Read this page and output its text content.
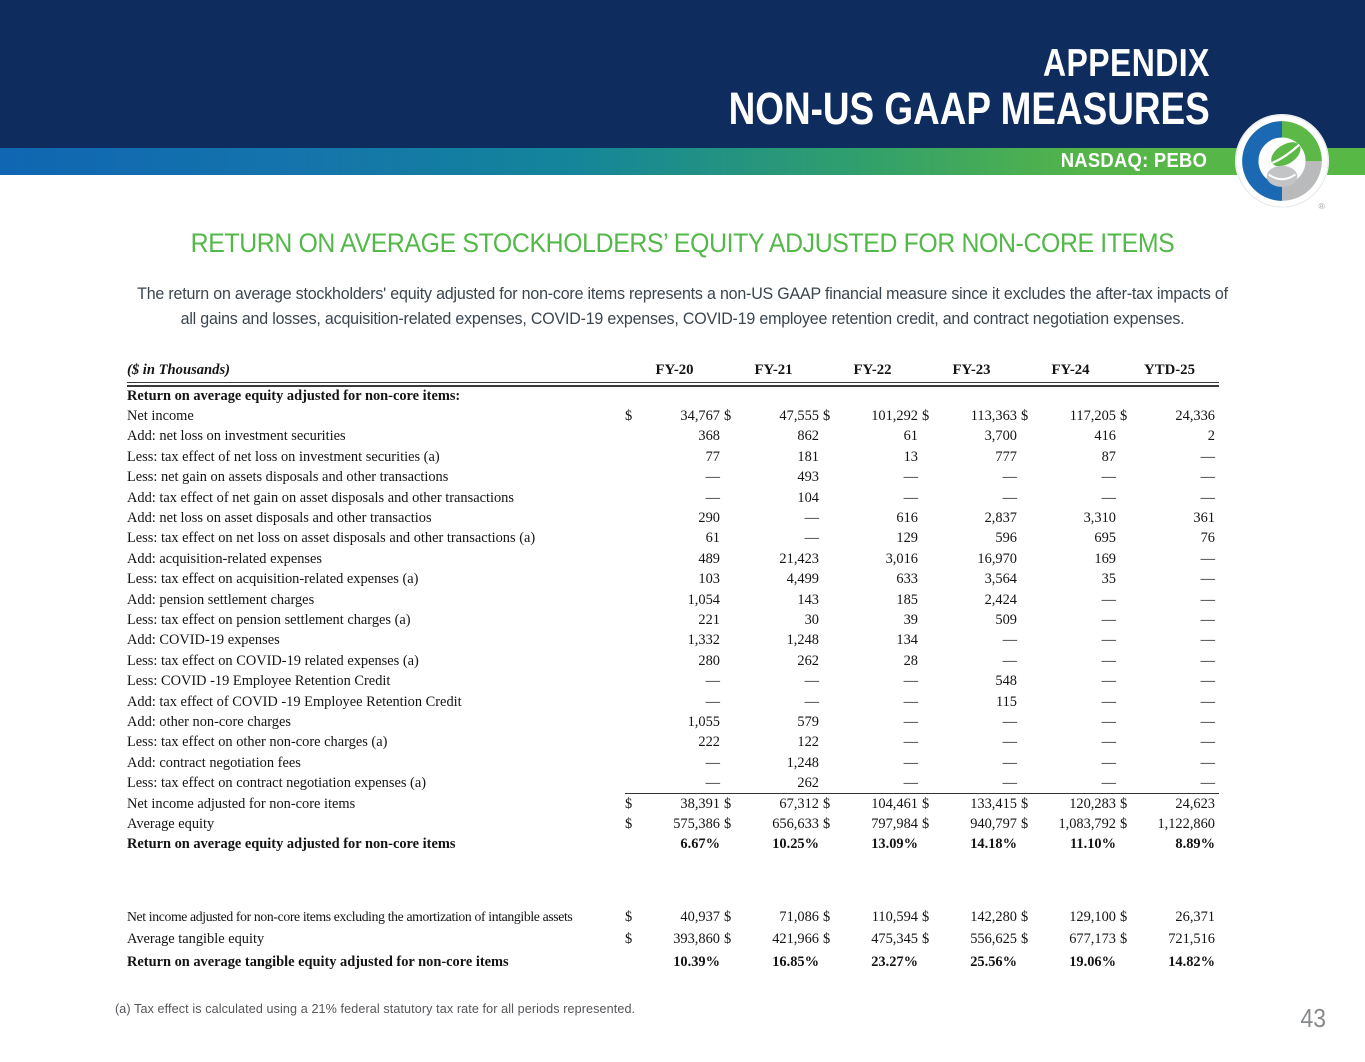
APPENDIX
NON-US GAAP MEASURES
NASDAQ: PEBO
®
RETURN ON AVERAGE STOCKHOLDERS’ EQUITY ADJUSTED FOR NON-CORE ITEMS

The return on average stockholders' equity adjusted for non-core items represents a non-US GAAP financial measure since it excludes the after-tax impacts of
all gains and losses, acquisition-related expenses, COVID-19 expenses, COVID-19 employee retention credit, and contract negotiation expenses.

($ in Thousands)	FY-20		FY-21		FY-22		FY-23		FY-24		YTD-25	

Return on average equity adjusted for non-core items:												
Net income	$	34,767	$	47,555	$	101,292	$	113,363	$	117,205	$	24,336
Add: net loss on investment securities		368		862		61		3,700		416		2
Less: tax effect of net loss on investment securities (a)		77		181		13		777		87		—
Less: net gain on assets disposals and other transactions		—		493		—		—		—		—
Add: tax effect of net gain on asset disposals and other transactions		—		104		—		—		—		—
Add: net loss on asset disposals and other transactios		290		—		616		2,837		3,310		361
Less: tax effect on net loss on asset disposals and other transactions (a)		61		—		129		596		695		76
Add: acquisition-related expenses		489		21,423		3,016		16,970		169		—
Less: tax effect on acquisition-related expenses (a)		103		4,499		633		3,564		35		—
Add: pension settlement charges		1,054		143		185		2,424		—		—
Less: tax effect on pension settlement charges (a)		221		30		39		509		—		—
Add: COVID-19 expenses		1,332		1,248		134		—		—		—
Less: tax effect on COVID-19 related expenses (a)		280		262		28		—		—		—
Less: COVID -19 Employee Retention Credit		—		—		—		548		—		—
Add: tax effect of COVID -19 Employee Retention Credit		—		—		—		115		—		—
Add: other non-core charges		1,055		579		—		—		—		—
Less: tax effect on other non-core charges (a)		222		122		—		—		—		—
Add: contract negotiation fees		—		1,248		—		—		—		—
Less: tax effect on contract negotiation expenses (a)		—		262		—		—		—		—
Net income adjusted for non-core items	$	38,391	$	67,312	$	104,461	$	133,415	$	120,283	$	24,623
Average equity	$	575,386	$	656,633	$	797,984	$	940,797	$	1,083,792	$	1,122,860
Return on average equity adjusted for non-core items		6.67%		10.25%		13.09%		14.18%		11.10%		8.89%
Net income adjusted for non-core items excluding the amortization of intangible assets	$	40,937	$	71,086	$	110,594	$	142,280	$	129,100	$	26,371
Average tangible equity	$	393,860	$	421,966	$	475,345	$	556,625	$	677,173	$	721,516
Return on average tangible equity adjusted for non-core items		10.39%		16.85%		23.27%		25.56%		19.06%		14.82%
(a) Tax effect is calculated using a 21% federal statutory tax rate for all periods represented.	43
